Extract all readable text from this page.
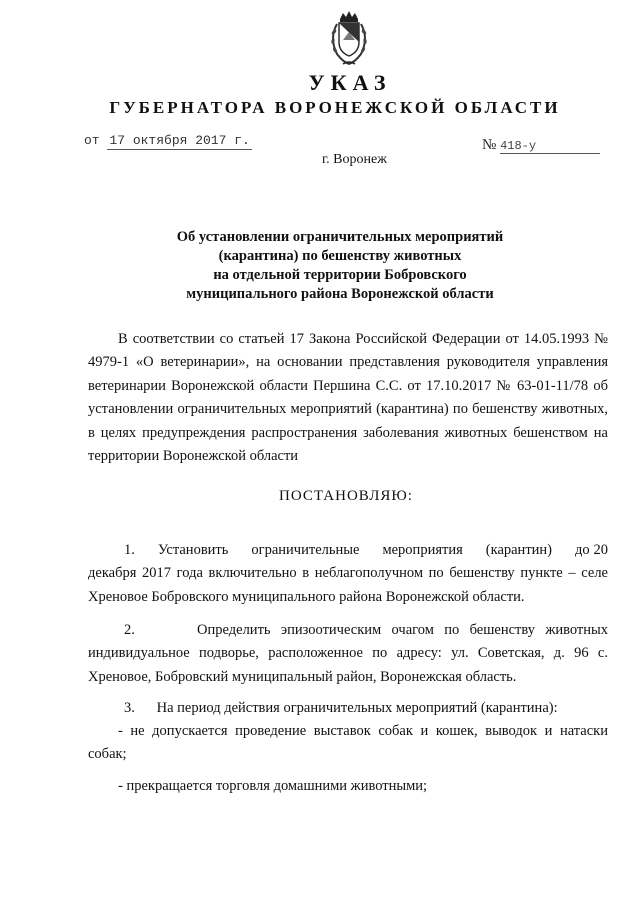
УКАЗ
ГУБЕРНАТОРА ВОРОНЕЖСКОЙ ОБЛАСТИ
от 17 октября 2017 г.	№ 418-у
г. Воронеж
Об установлении ограничительных мероприятий
(карантина) по бешенству животных
на отдельной территории Бобровского
муниципального района Воронежской области
В соответствии со статьей 17 Закона Российской Федерации от 14.05.1993 № 4979-1 «О ветеринарии», на основании представления руководителя управления ветеринарии Воронежской области Першина С.С. от 17.10.2017 № 63-01-11/78 об установлении ограничительных мероприятий (карантина) по бешенству животных, в целях предупреждения распространения заболевания животных бешенством на территории Воронежской области
ПОСТАНОВЛЯЮ:
1.      Установить      ограничительные      мероприятия      (карантин)      до 20 декабря 2017 года включительно в неблагополучном по бешенству пункте – селе Хреновое Бобровского муниципального района Воронежской области.
2.      Определить эпизоотическим очагом по бешенству животных индивидуальное подворье, расположенное по адресу: ул. Советская, д. 96 с. Хреновое, Бобровский муниципальный район, Воронежская область.
3.      На период действия ограничительных мероприятий (карантина):
- не допускается проведение выставок собак и кошек, выводок и натаски собак;
- прекращается торговля домашними животными;
